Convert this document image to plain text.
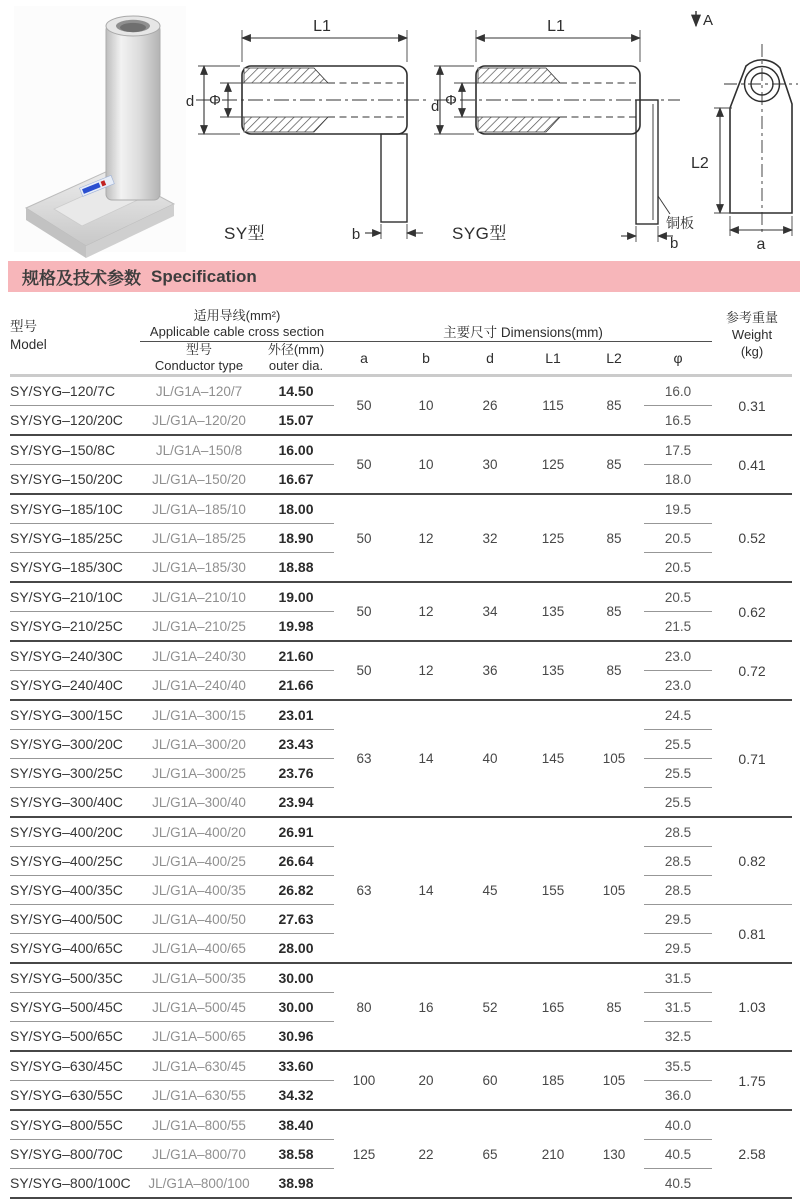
L1
d Φ
b
SY型
L1
d Φ
铜板
b
SYG型
A
L2
a
规格及技术参数 Specification
型号
Model

适用导线(mm²)
Applicable cable cross section	主要尺寸 Dimensions(mm)	
参考重量
Weight
(kg)

型号
Conductor type

外径(mm)
outer dia.	a	b	d	L1	L2	φ
SY/SYG–120/7C	JL/G1A–120/7	14.50	50	10	26	115	85	16.0	0.31
SY/SYG–120/20C	JL/G1A–120/20	15.07						16.5	
SY/SYG–150/8C	JL/G1A–150/8	16.00	50	10	30	125	85	17.5	0.41
SY/SYG–150/20C	JL/G1A–150/20	16.67						18.0	
SY/SYG–185/10C	JL/G1A–185/10	18.00	50	12	32	125	85	19.5	0.52
SY/SYG–185/25C	JL/G1A–185/25	18.90						20.5	
SY/SYG–185/30C	JL/G1A–185/30	18.88						20.5	
SY/SYG–210/10C	JL/G1A–210/10	19.00	50	12	34	135	85	20.5	0.62
SY/SYG–210/25C	JL/G1A–210/25	19.98						21.5	
SY/SYG–240/30C	JL/G1A–240/30	21.60	50	12	36	135	85	23.0	0.72
SY/SYG–240/40C	JL/G1A–240/40	21.66						23.0	
SY/SYG–300/15C	JL/G1A–300/15	23.01	63	14	40	145	105	24.5	0.71
SY/SYG–300/20C	JL/G1A–300/20	23.43						25.5	
SY/SYG–300/25C	JL/G1A–300/25	23.76						25.5	
SY/SYG–300/40C	JL/G1A–300/40	23.94						25.5	
SY/SYG–400/20C	JL/G1A–400/20	26.91	63	14	45	155	105	28.5	0.82
SY/SYG–400/25C	JL/G1A–400/25	26.64						28.5	
SY/SYG–400/35C	JL/G1A–400/35	26.82						28.5	
SY/SYG–400/50C	JL/G1A–400/50	27.63						29.5	0.81
SY/SYG–400/65C	JL/G1A–400/65	28.00						29.5	
SY/SYG–500/35C	JL/G1A–500/35	30.00	80	16	52	165	85	31.5	1.03
SY/SYG–500/45C	JL/G1A–500/45	30.00						31.5	
SY/SYG–500/65C	JL/G1A–500/65	30.96						32.5	
SY/SYG–630/45C	JL/G1A–630/45	33.60	100	20	60	185	105	35.5	1.75
SY/SYG–630/55C	JL/G1A–630/55	34.32						36.0	
SY/SYG–800/55C	JL/G1A–800/55	38.40	125	22	65	210	130	40.0	2.58
SY/SYG–800/70C	JL/G1A–800/70	38.58						40.5	
SY/SYG–800/100C	JL/G1A–800/100	38.98						40.5	
